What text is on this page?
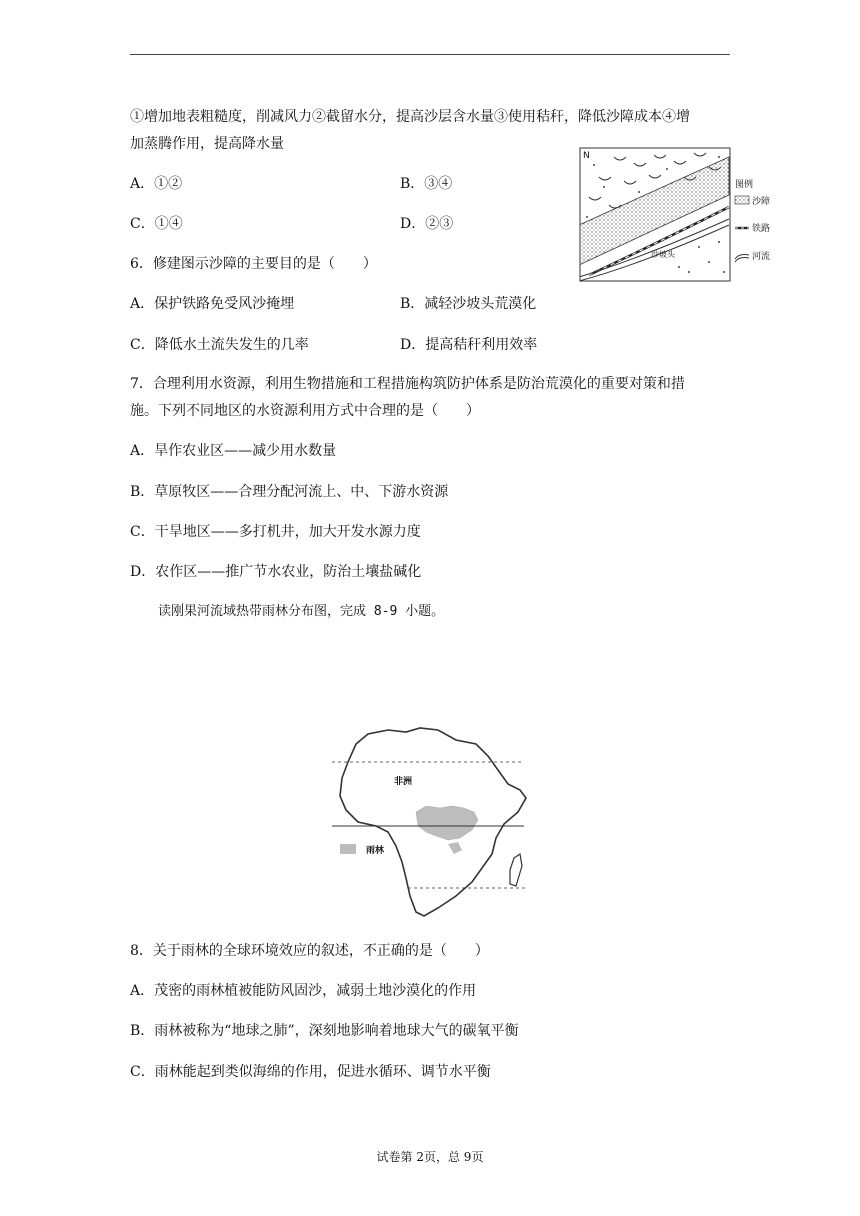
①增加地表粗糙度，削减风力②截留水分，提高沙层含水量③使用秸秆，降低沙障成本④增
加蒸腾作用，提高降水量
A．①②	B．③④
C．①④	D．②③
N
沙坡头
图例
沙障
铁路
河流
6．修建图示沙障的主要目的是（　　）
A．保护铁路免受风沙掩埋	B．减轻沙坡头荒漠化
C．降低水土流失发生的几率	D．提高秸秆利用效率
7．合理利用水资源，利用生物措施和工程措施构筑防护体系是防治荒漠化的重要对策和措
施。下列不同地区的水资源利用方式中合理的是（　　）
A．旱作农业区——减少用水数量
B．草原牧区——合理分配河流上、中、下游水资源
C．干旱地区——多打机井，加大开发水源力度
D．农作区——推广节水农业，防治土壤盐碱化
读刚果河流域热带雨林分布图，完成 8-9 小题。
非洲
雨林
8．关于雨林的全球环境效应的叙述，不正确的是（　　）
A．茂密的雨林植被能防风固沙，减弱土地沙漠化的作用
B．雨林被称为“地球之肺”，深刻地影响着地球大气的碳氧平衡
C．雨林能起到类似海绵的作用，促进水循环、调节水平衡
试卷第 2页，总 9页
